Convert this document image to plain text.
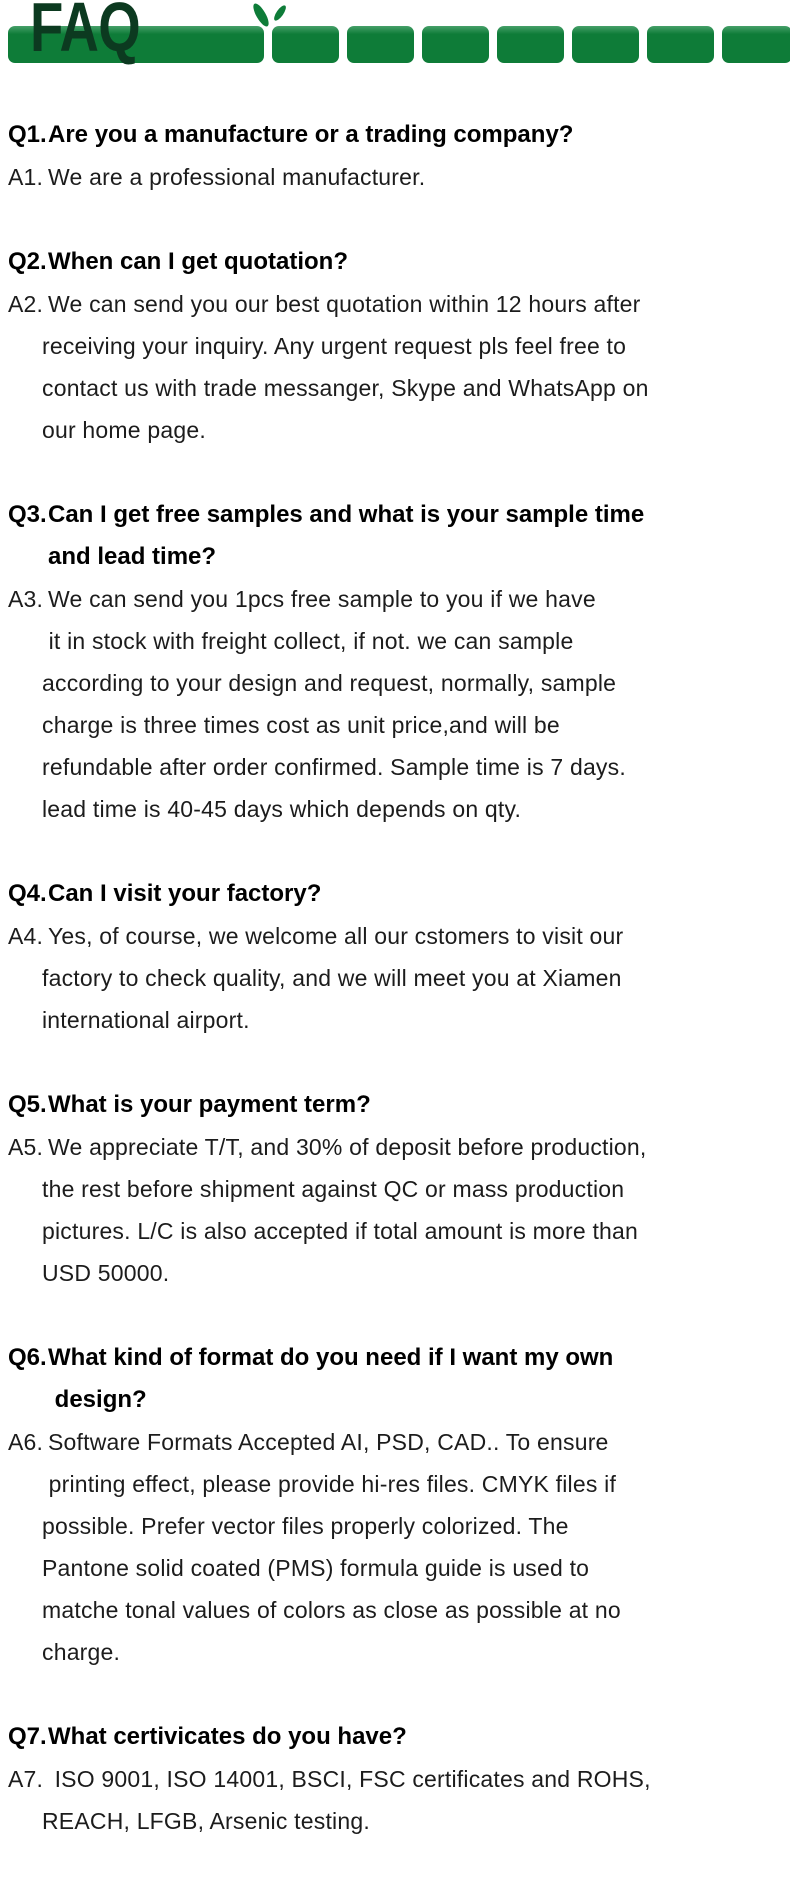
FAQ
Q1. Are you a manufacture or a trading company?

A1. We are a professional manufacturer.

Q2. When can I get quotation?

A2. We can send you our best quotation within 12 hours after
receiving your inquiry. Any urgent request pls feel free to
contact us with trade messanger, Skype and WhatsApp on
our home page.

Q3. Can I get free samples and what is your sample time
and lead time?

A3. We can send you 1pcs free sample to you if we have
it in stock with freight collect, if not. we can sample
according to your design and request, normally, sample
charge is three times cost as unit price,and will be
refundable after order confirmed. Sample time is 7 days.
lead time is 40-45 days which depends on qty.

Q4. Can I visit your factory?

A4. Yes, of course, we welcome all our cstomers to visit our
factory to check quality, and we will meet you at Xiamen
international airport.

Q5. What is your payment term?

A5. We appreciate T/T, and 30% of deposit before production,
the rest before shipment against QC or mass production
pictures. L/C is also accepted if total amount is more than
USD 50000.

Q6. What kind of format do you need if I want my own
design?

A6. Software Formats Accepted AI, PSD, CAD.. To ensure
printing effect, please provide hi-res files. CMYK files if
possible. Prefer vector files properly colorized. The
Pantone solid coated (PMS) formula guide is used to
matche tonal values of colors as close as possible at no
charge.

Q7. What certivicates do you have?

A7. ISO 9001, ISO 14001, BSCI, FSC certificates and ROHS,
REACH, LFGB, Arsenic testing.
